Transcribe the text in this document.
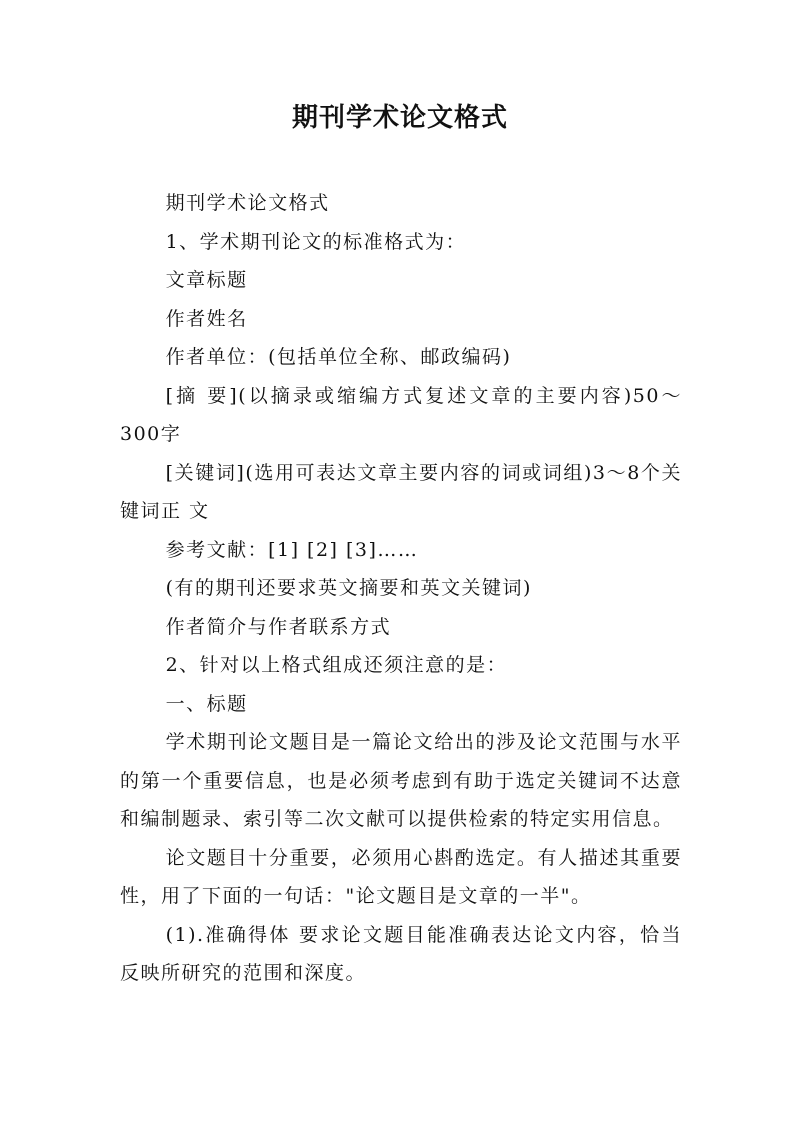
期刊学术论文格式

期刊学术论文格式

1、学术期刊论文的标准格式为：

文章标题

作者姓名

作者单位：(包括单位全称、邮政编码)

[摘 要](以摘录或缩编方式复述文章的主要内容)50～300字

[关键词](选用可表达文章主要内容的词或词组)3～8个关键词正 文

参考文献：[1] [2] [3]……

(有的期刊还要求英文摘要和英文关键词)

作者简介与作者联系方式

2、针对以上格式组成还须注意的是：

一、标题

学术期刊论文题目是一篇论文给出的涉及论文范围与水平的第一个重要信息，也是必须考虑到有助于选定关键词不达意和编制题录、索引等二次文献可以提供检索的特定实用信息。

论文题目十分重要，必须用心斟酌选定。有人描述其重要性，用了下面的一句话："论文题目是文章的一半"。

(1).准确得体 要求论文题目能准确表达论文内容，恰当反映所研究的范围和深度。
